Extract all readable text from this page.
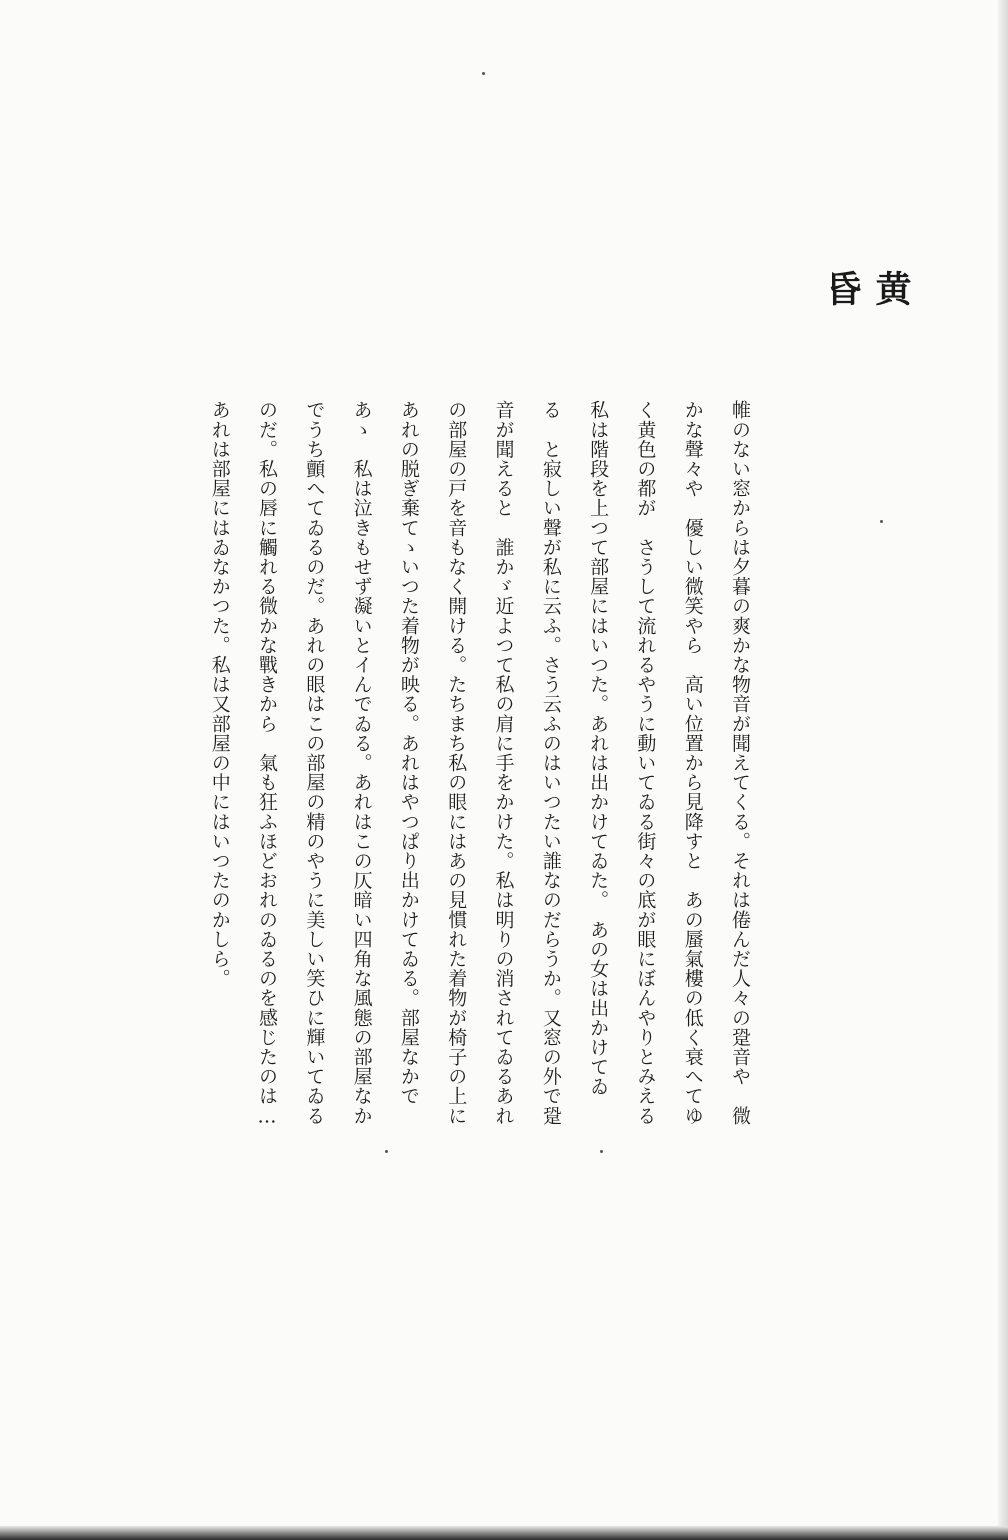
黄　昏
帷のない窓からは夕暮の爽かな物音が聞えてくる。それは倦んだ人々の跫音や　微
かな聲々や　優しい微笑やら　高い位置から見降すと　あの蜃氣樓の低く衰へてゆ
く黄色の都が　さうして流れるやうに動いてゐる街々の底が眼にぼんやりとみえる
私は階段を上つて部屋にはいつた。あれは出かけてゐた。　あの女は出かけてゐ
る　と寂しい聲が私に云ふ。さう云ふのはいつたい誰なのだらうか。又窓の外で跫
音が聞えると　誰かゞ近よつて私の肩に手をかけた。私は明りの消されてゐるあれ
の部屋の戸を音もなく開ける。たちまち私の眼にはあの見慣れた着物が椅子の上に
あれの脱ぎ棄てゝいつた着物が映る。あれはやつぱり出かけてゐる。部屋なかで
あゝ　私は泣きもせず凝いとイんでゐる。あれはこの仄暗い四角な風態の部屋なか
でうち顫へてゐるのだ。あれの眼はこの部屋の精のやうに美しい笑ひに輝いてゐる
のだ。私の唇に觸れる微かな戰きから　氣も狂ふほどおれのゐるのを感じたのは…
あれは部屋にはゐなかつた。私は又部屋の中にはいつたのかしら。
